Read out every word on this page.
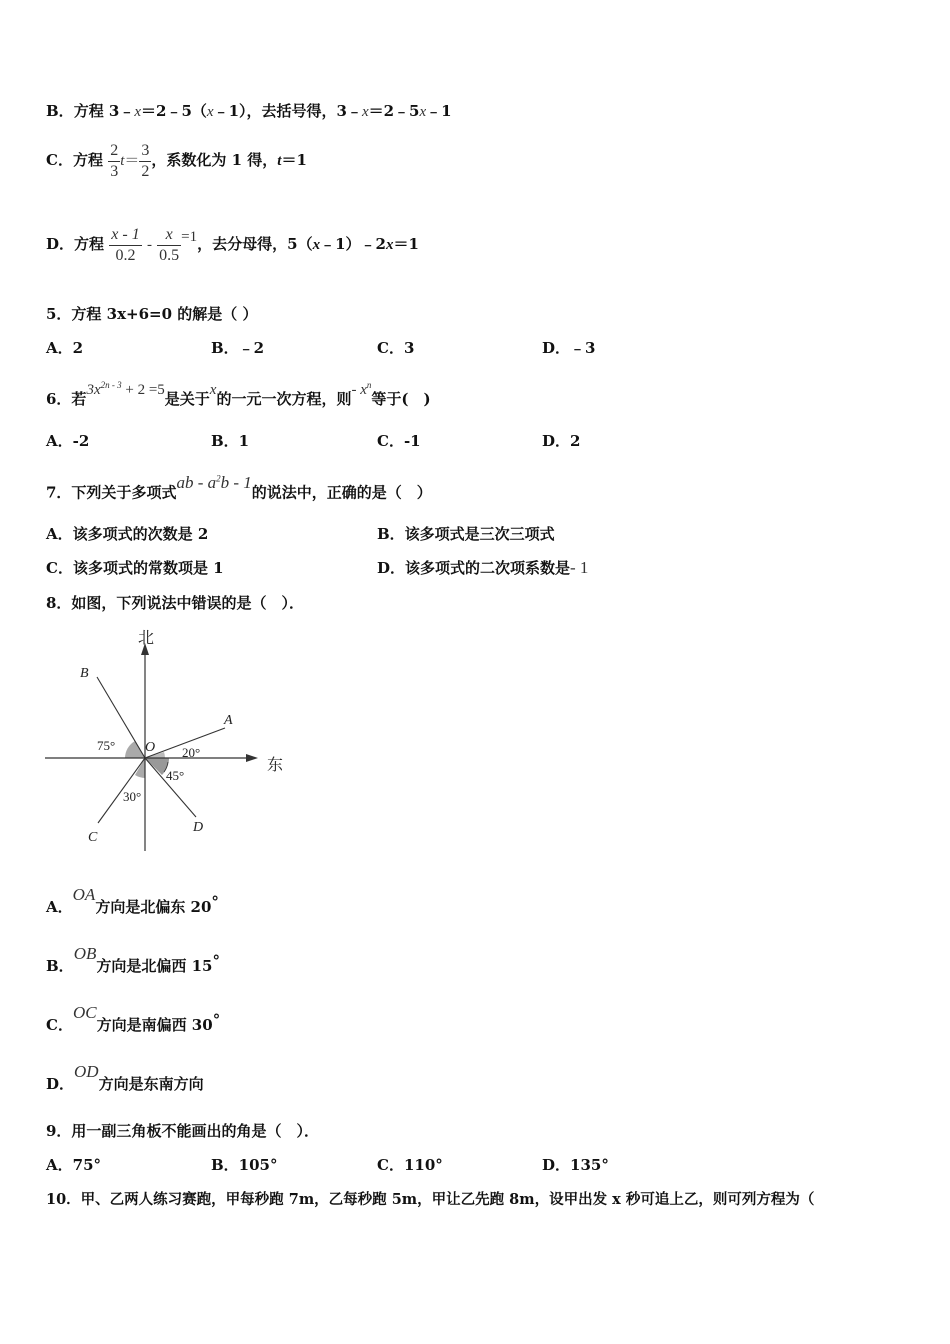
B．方程 3﹣x＝2﹣5（x﹣1），去括号得，3﹣x＝2﹣5x﹣1
C．方程 $\frac{2}{3} t= \frac{3}{2}$ ，系数化为 1 得，t＝1
D．方程 $\frac{x - 1}{0.2} - \frac{x}{0.5} =1$，去分母得，5（x﹣1）﹣2x＝1
5．方程 3x+6=0 的解是（ ）
A．2	B．﹣2	C．3	D．﹣3
6．若$3x^{2n - 3} + 2 =5$是关于x的一元一次方程，则- $x^n$等于(　)
A．-2	B．1	C．-1	D．2
7．下列关于多项式ab - $a^2b - 1$的说法中，正确的是（　）
A．该多项式的次数是 2	B．该多项式是三次三项式
C．该多项式的常数项是 1	D．该多项式的二次项系数是- 1
8．如图，下列说法中错误的是（　）．
北
东
A
B
C
D
O
75°	20°
45°
30°
A．OA方向是北偏东 20°
B．OB方向是北偏西 15°
C．OC方向是南偏西 30°
D．OD方向是东南方向
9．用一副三角板不能画出的角是（　）．
A．75°	B．105°	C．110°	D．135°
10．甲、乙两人练习赛跑，甲每秒跑 7m，乙每秒跑 5m，甲让乙先跑 8m，设甲出发 x 秒可追上乙，则可列方程为（
